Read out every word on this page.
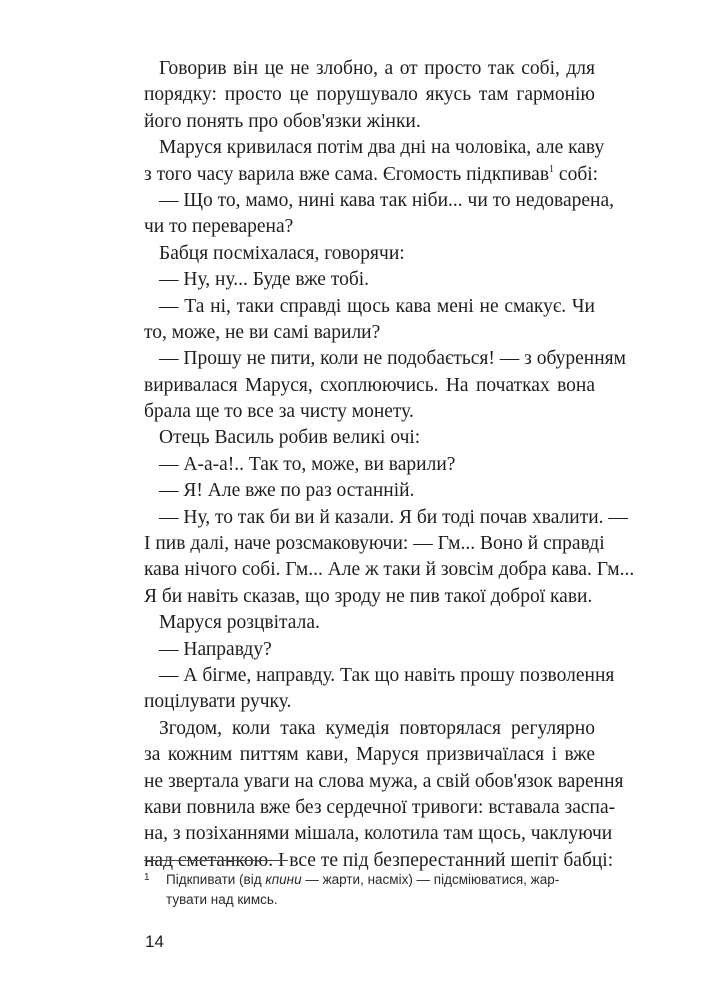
Говорив він це не злобно, а от просто так собі, для
порядку: просто це порушувало якусь там гармонію
його понять про обов'язки жінки.
Маруся кривилася потім два дні на чоловіка, але каву
з того часу варила вже сама. Єгомость підкпивав$^1$ собі:
— Що то, мамо, нині кава так ніби... чи то недоварена,
чи то переварена?
Бабця посміхалася, говорячи:
— Ну, ну... Буде вже тобі.
— Та ні, таки справді щось кава мені не смакує. Чи
то, може, не ви самі варили?
— Прошу не пити, коли не подобається! — з обуренням
виривалася Маруся, схоплюючись. На початках вона
брала ще то все за чисту монету.
Отець Василь робив великі очі:
— А-а-а!.. Так то, може, ви варили?
— Я! Але вже по раз останній.
— Ну, то так би ви й казали. Я би тоді почав хвалити. —
І пив далі, наче розсмаковуючи: — Гм... Воно й справді
кава нічого собі. Гм... Але ж таки й зовсім добра кава. Гм...
Я би навіть сказав, що зроду не пив такої доброї кави.
Маруся розцвітала.
— Направду?
— А бігме, направду. Так що навіть прошу позволення
поцілувати ручку.
Згодом, коли така кумедія повторялася регулярно
за кожним питтям кави, Маруся призвичаїлася і вже
не звертала уваги на слова мужа, а свій обов'язок варення
кави повнила вже без сердечної тривоги: вставала заспа-
на, з позіханнями мішала, колотила там щось, чаклуючи
над сметанкою. І все те під безперестанний шепіт бабці:
1 Підкпивати (від кпини — жарти, насміх) — підсміюватися, жар-
тувати над кимсь.
14
